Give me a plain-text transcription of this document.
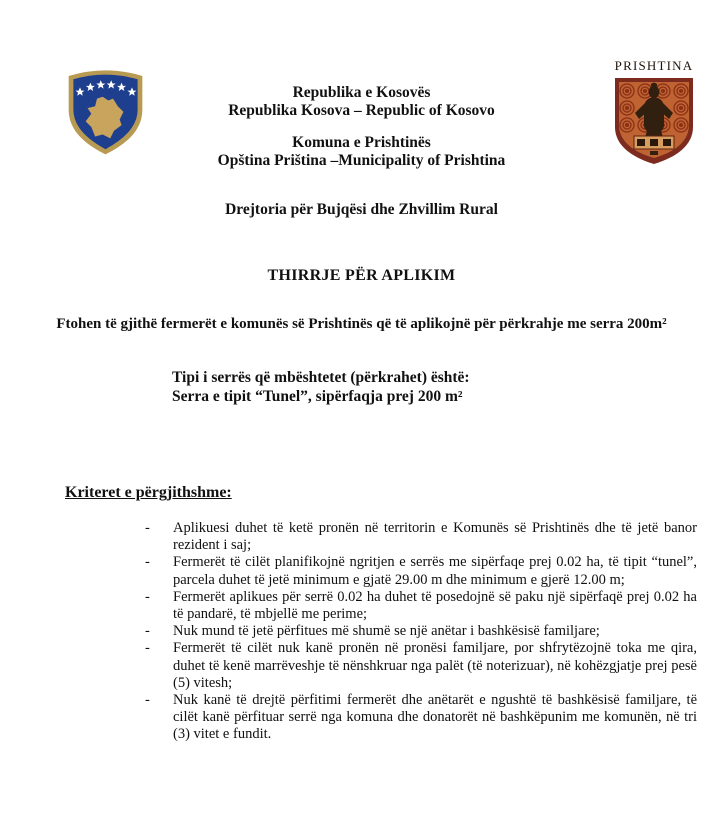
PRISHTINA
Republika e Kosovës
Republika Kosova – Republic of Kosovo
Komuna e Prishtinës
Opština Priština –Municipality of Prishtina
Drejtoria për Bujqësi dhe Zhvillim Rural
THIRRJE PËR APLIKIM
Ftohen të gjithë fermerët e komunës së Prishtinës që të aplikojnë për përkrahje me serra 200m²
Tipi i serrës që mbështetet (përkrahet) është:
Serra e tipit “Tunel”, sipërfaqja prej 200 m²
Kriteret e përgjithshme:
- Aplikuesi duhet të ketë pronën në territorin e Komunës së Prishtinës dhe të jetë banor rezident i saj;
- Fermerët të cilët planifikojnë ngritjen e serrës me sipërfaqe prej 0.02 ha, të tipit “tunel”, parcela duhet të jetë minimum e gjatë 29.00 m dhe minimum e gjerë 12.00 m;
- Fermerët aplikues për serrë 0.02 ha duhet të posedojnë së paku një sipërfaqë prej 0.02 ha të pandarë, të mbjellë me perime;
- Nuk mund të jetë përfitues më shumë se një anëtar i bashkësisë familjare;
- Fermerët të cilët nuk kanë pronën në pronësi familjare, por shfrytëzojnë toka me qira, duhet të kenë marrëveshje të nënshkruar nga palët (të noterizuar), në kohëzgjatje prej pesë (5) vitesh;
- Nuk kanë të drejtë përfitimi fermerët dhe anëtarët e ngushtë të bashkësisë familjare, të cilët kanë përfituar serrë nga komuna dhe donatorët në bashkëpunim me komunën, në tri (3) vitet e fundit.
